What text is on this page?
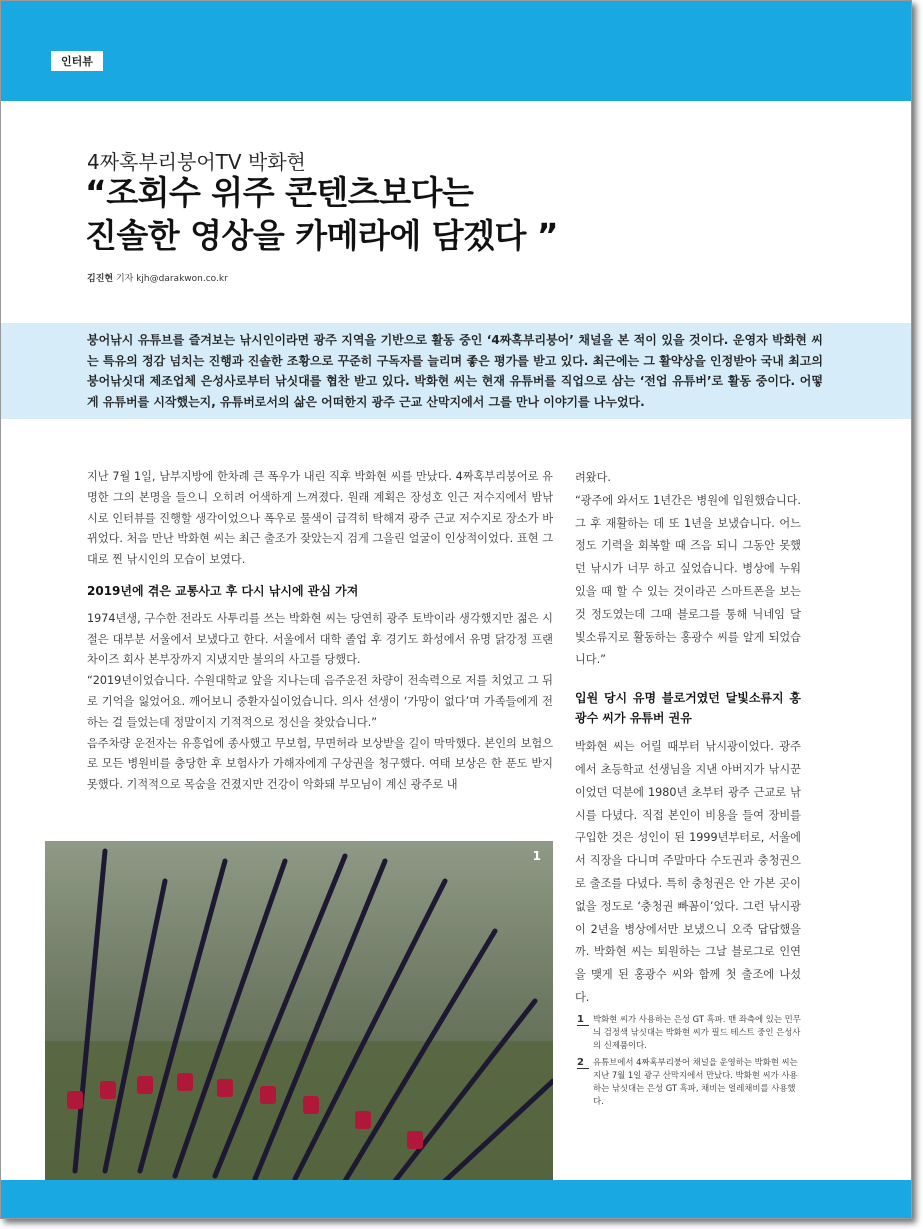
인터뷰
4짜혹부리붕어TV 박화현
“조회수 위주 콘텐츠보다는
진솔한 영상을 카메라에 담겠다 ”
김진현 기자 kjh@darakwon.co.kr

붕어낚시 유튜브를 즐겨보는 낚시인이라면 광주 지역을 기반으로 활동 중인 ‘4짜혹부리붕어’ 채널을 본 적이 있을 것이다. 운영자 박화현 씨는 특유의 정감 넘치는 진행과 진솔한 조황으로 꾸준히 구독자를 늘리며 좋은 평가를 받고 있다. 최근에는 그 활약상을 인정받아 국내 최고의 붕어낚싯대 제조업체 은성사로부터 낚싯대를 협찬 받고 있다. 박화현 씨는 현재 유튜버를 직업으로 삼는 ‘전업 유튜버’로 활동 중이다. 어떻게 유튜버를 시작했는지, 유튜버로서의 삶은 어떠한지 광주 근교 산막지에서 그를 만나 이야기를 나누었다.

지난 7월 1일, 남부지방에 한차례 큰 폭우가 내린 직후 박화현 씨를 만났다. 4짜혹부리붕어로 유명한 그의 본명을 들으니 오히려 어색하게 느껴졌다. 원래 계획은 장성호 인근 저수지에서 밤낚시로 인터뷰를 진행할 생각이었으나 폭우로 물색이 급격히 탁해져 광주 근교 저수지로 장소가 바뀌었다. 처음 만난 박화현 씨는 최근 출조가 잦았는지 검게 그을린 얼굴이 인상적이었다. 표현 그대로 찐 낚시인의 모습이 보였다.

2019년에 겪은 교통사고 후 다시 낚시에 관심 가져

1974년생, 구수한 전라도 사투리를 쓰는 박화현 씨는 당연히 광주 토박이라 생각했지만 젊은 시절은 대부분 서울에서 보냈다고 한다. 서울에서 대학 졸업 후 경기도 화성에서 유명 닭강정 프랜차이즈 회사 본부장까지 지냈지만 불의의 사고를 당했다.

“2019년이었습니다. 수원대학교 앞을 지나는데 음주운전 차량이 전속력으로 저를 치었고 그 뒤로 기억을 잃었어요. 깨어보니 중환자실이었습니다. 의사 선생이 ‘가망이 없다’며 가족들에게 전하는 걸 들었는데 정말이지 기적적으로 정신을 찾았습니다.”

음주차량 운전자는 유흥업에 종사했고 무보험, 무면허라 보상받을 길이 막막했다. 본인의 보험으로 모든 병원비를 충당한 후 보험사가 가해자에게 구상권을 청구했다. 여태 보상은 한 푼도 받지 못했다. 기적적으로 목숨을 건졌지만 건강이 악화돼 부모님이 계신 광주로 내

려왔다.

“광주에 와서도 1년간은 병원에 입원했습니다. 그 후 재활하는 데 또 1년을 보냈습니다. 어느 정도 기력을 회복할 때 즈음 되니 그동안 못했던 낚시가 너무 하고 싶었습니다. 병상에 누워있을 때 할 수 있는 것이라곤 스마트폰을 보는 것 정도였는데 그때 블로그를 통해 닉네임 달빛소류지로 활동하는 홍광수 씨를 알게 되었습니다.”

입원 당시 유명 블로거였던 달빛소류지 홍광수 씨가 유튜버 권유

박화현 씨는 어릴 때부터 낚시광이었다. 광주에서 초등학교 선생님을 지낸 아버지가 낚시꾼이었던 덕분에 1980년 초부터 광주 근교로 낚시를 다녔다. 직접 본인이 비용을 들여 장비를 구입한 것은 성인이 된 1999년부터로, 서울에서 직장을 다니며 주말마다 수도권과 충청권으로 출조를 다녔다. 특히 충청권은 안 가본 곳이 없을 정도로 ‘충청권 빠꼼이’었다. 그런 낚시광이 2년을 병상에서만 보냈으니 오죽 답답했을까. 박화현 씨는 퇴원하는 그날 블로그로 인연을 맺게 된 홍광수 씨와 함께 첫 출조에 나섰다.

1
1	박화현 씨가 사용하는 은성 GT 흑파. 맨 좌측에 있는 민무늬 검정색 낚싯대는 박화현 씨가 필드 테스트 중인 은성사의 신제품이다.
2	유튜브에서 4짜혹부리붕어 채널을 운영하는 박화현 씨는 지난 7월 1일 광구 산막지에서 만났다. 박화현 씨가 사용하는 낚싯대는 은성 GT 흑파, 채비는 얼레채비를 사용했다.
